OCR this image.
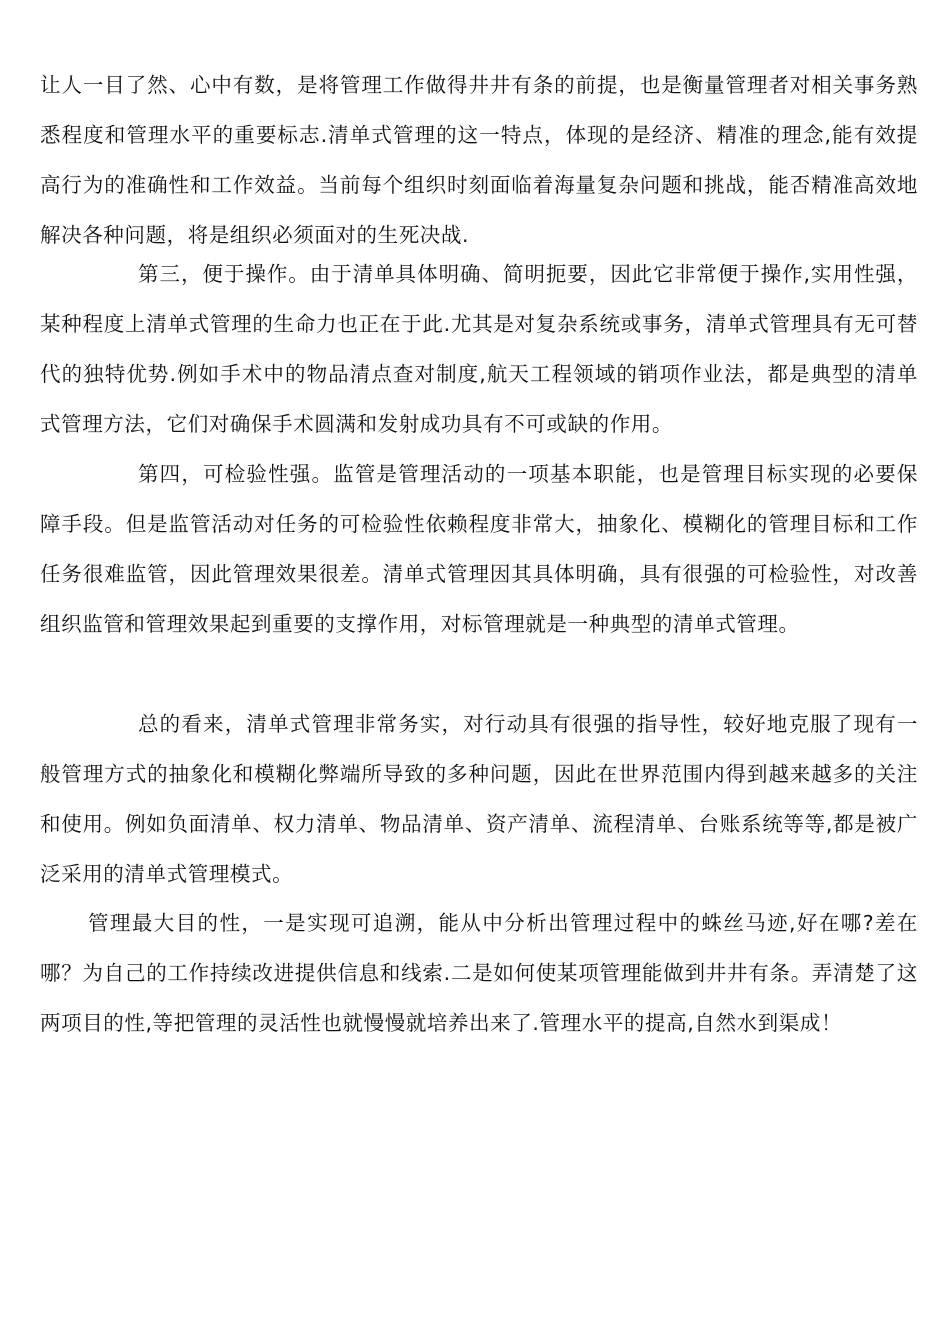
让人一目了然、心中有数，是将管理工作做得井井有条的前提，也是衡量管理者对相关事务熟悉程度和管理水平的重要标志.清单式管理的这一特点，体现的是经济、精准的理念,能有效提高行为的准确性和工作效益。当前每个组织时刻面临着海量复杂问题和挑战，能否精准高效地解决各种问题，将是组织必须面对的生死决战.

第三，便于操作。由于清单具体明确、简明扼要，因此它非常便于操作,实用性强，某种程度上清单式管理的生命力也正在于此.尤其是对复杂系统或事务，清单式管理具有无可替代的独特优势.例如手术中的物品清点查对制度,航天工程领域的销项作业法，都是典型的清单式管理方法，它们对确保手术圆满和发射成功具有不可或缺的作用。

第四，可检验性强。监管是管理活动的一项基本职能，也是管理目标实现的必要保障手段。但是监管活动对任务的可检验性依赖程度非常大，抽象化、模糊化的管理目标和工作任务很难监管，因此管理效果很差。清单式管理因其具体明确，具有很强的可检验性，对改善组织监管和管理效果起到重要的支撑作用，对标管理就是一种典型的清单式管理。

总的看来，清单式管理非常务实，对行动具有很强的指导性，较好地克服了现有一般管理方式的抽象化和模糊化弊端所导致的多种问题，因此在世界范围内得到越来越多的关注和使用。例如负面清单、权力清单、物品清单、资产清单、流程清单、台账系统等等,都是被广泛采用的清单式管理模式。

管理最大目的性，一是实现可追溯，能从中分析出管理过程中的蛛丝马迹,好在哪?差在哪？为自己的工作持续改进提供信息和线索.二是如何使某项管理能做到井井有条。弄清楚了这两项目的性,等把管理的灵活性也就慢慢就培养出来了.管理水平的提高,自然水到渠成！
